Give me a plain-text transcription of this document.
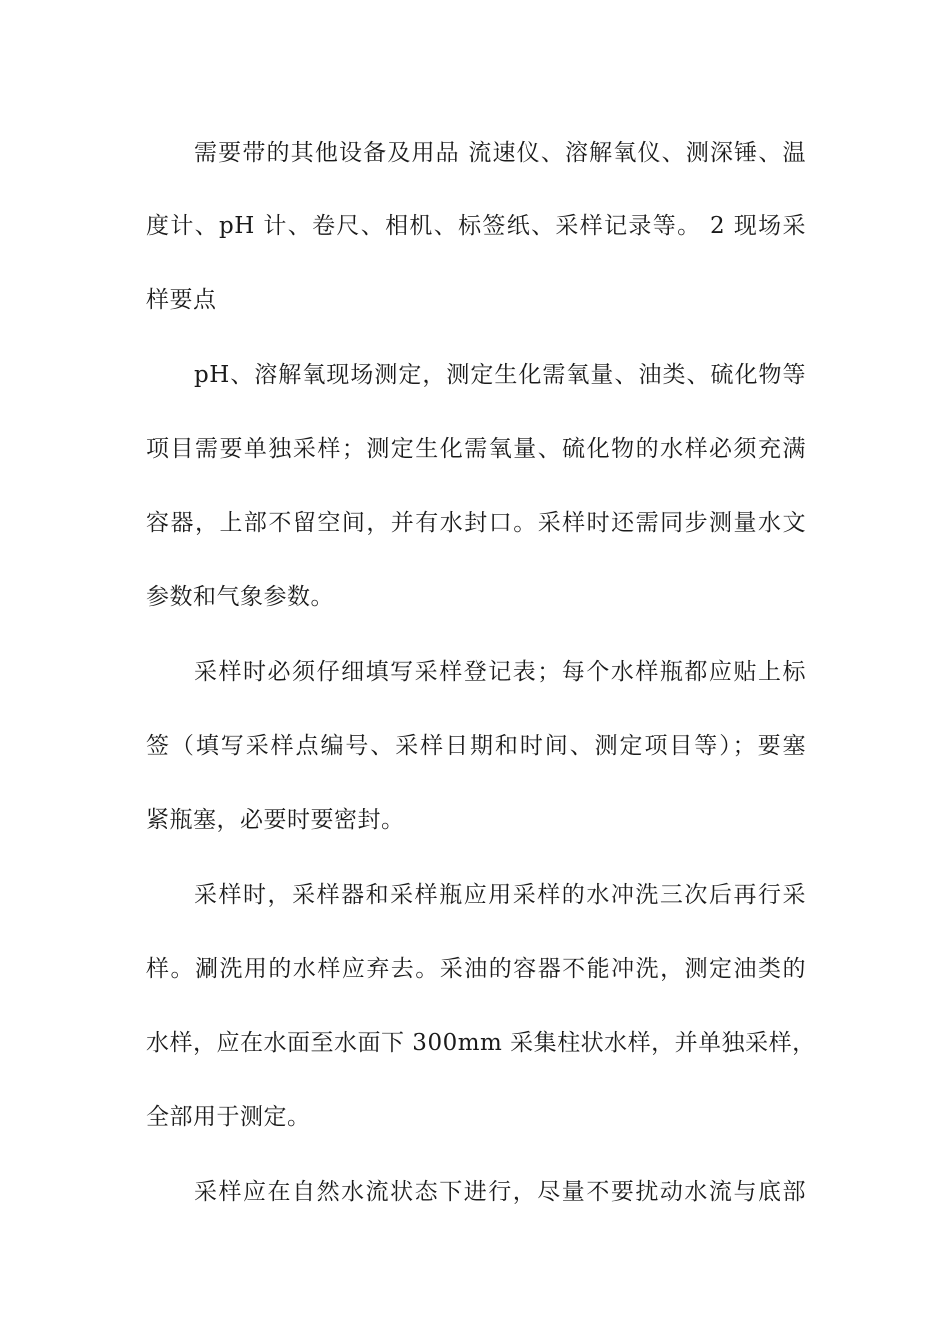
需要带的其他设备及用品 流速仪、溶解氧仪、测深锤、温
度计、pH 计、卷尺、相机、标签纸、采样记录等。 2 现场采
样要点
pH、溶解氧现场测定，测定生化需氧量、油类、硫化物等
项目需要单独采样；测定生化需氧量、硫化物的水样必须充满
容器，上部不留空间，并有水封口。采样时还需同步测量水文
参数和气象参数。
采样时必须仔细填写采样登记表；每个水样瓶都应贴上标
签（填写采样点编号、采样日期和时间、测定项目等）；要塞
紧瓶塞，必要时要密封。
采样时，采样器和采样瓶应用采样的水冲洗三次后再行采
样。涮洗用的水样应弃去。采油的容器不能冲洗，测定油类的
水样，应在水面至水面下 300mm 采集柱状水样，并单独采样，
全部用于测定。
采样应在自然水流状态下进行，尽量不要扰动水流与底部
